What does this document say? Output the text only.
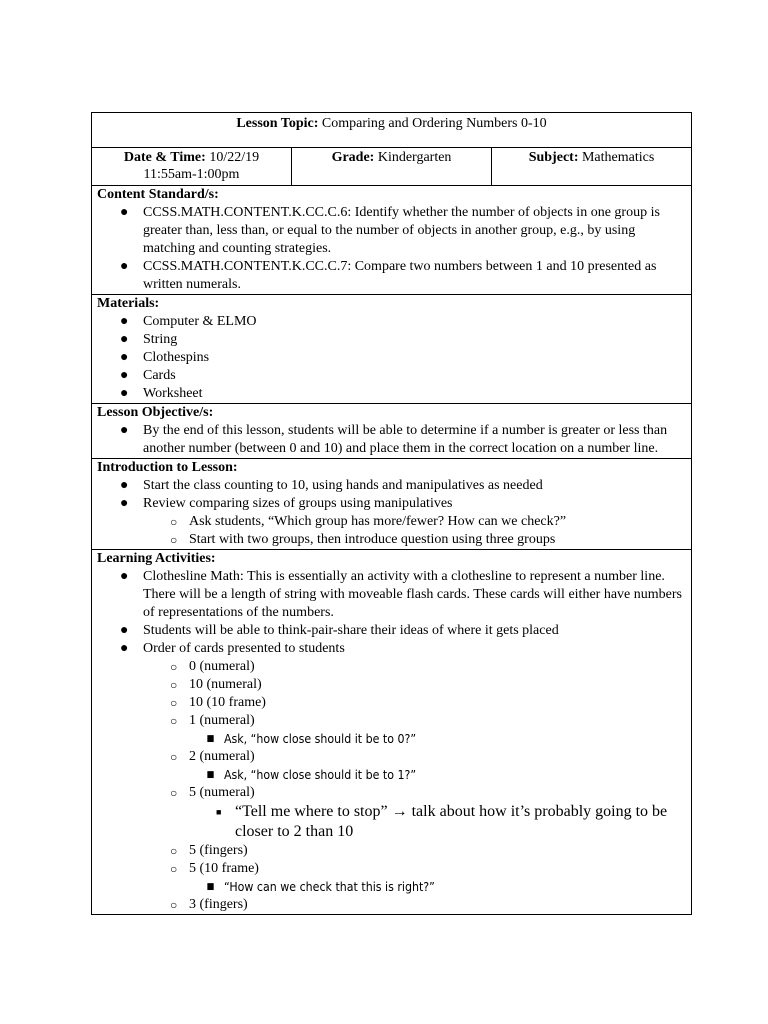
Lesson Topic: Comparing and Ordering Numbers 0-10
Date & Time: 10/22/19
11:55am-1:00pm
Grade: Kindergarten	Subject: Mathematics
Content Standard/s:
● CCSS.MATH.CONTENT.K.CC.C.6: Identify whether the number of objects in one group is greater than, less than, or equal to the number of objects in another group, e.g., by using matching and counting strategies.
● CCSS.MATH.CONTENT.K.CC.C.7: Compare two numbers between 1 and 10 presented as written numerals.
Materials:
● Computer & ELMO
● String
● Clothespins
● Cards
● Worksheet
Lesson Objective/s:
● By the end of this lesson, students will be able to determine if a number is greater or less than another number (between 0 and 10) and place them in the correct location on a number line.
Introduction to Lesson:
● Start the class counting to 10, using hands and manipulatives as needed
● Review comparing sizes of groups using manipulatives
○ Ask students, “Which group has more/fewer? How can we check?”
○ Start with two groups, then introduce question using three groups
Learning Activities:
● Clothesline Math: This is essentially an activity with a clothesline to represent a number line. There will be a length of string with moveable flash cards. These cards will either have numbers of representations of the numbers.
● Students will be able to think-pair-share their ideas of where it gets placed
● Order of cards presented to students
○ 0 (numeral)
○ 10 (numeral)
○ 10 (10 frame)
○ 1 (numeral)
■ Ask, “how close should it be to 0?”
○ 2 (numeral)
■ Ask, “how close should it be to 1?”
○ 5 (numeral)
■ “Tell me where to stop” → talk about how it’s probably going to be closer to 2 than 10
○ 5 (fingers)
○ 5 (10 frame)
■ “How can we check that this is right?”
○ 3 (fingers)
